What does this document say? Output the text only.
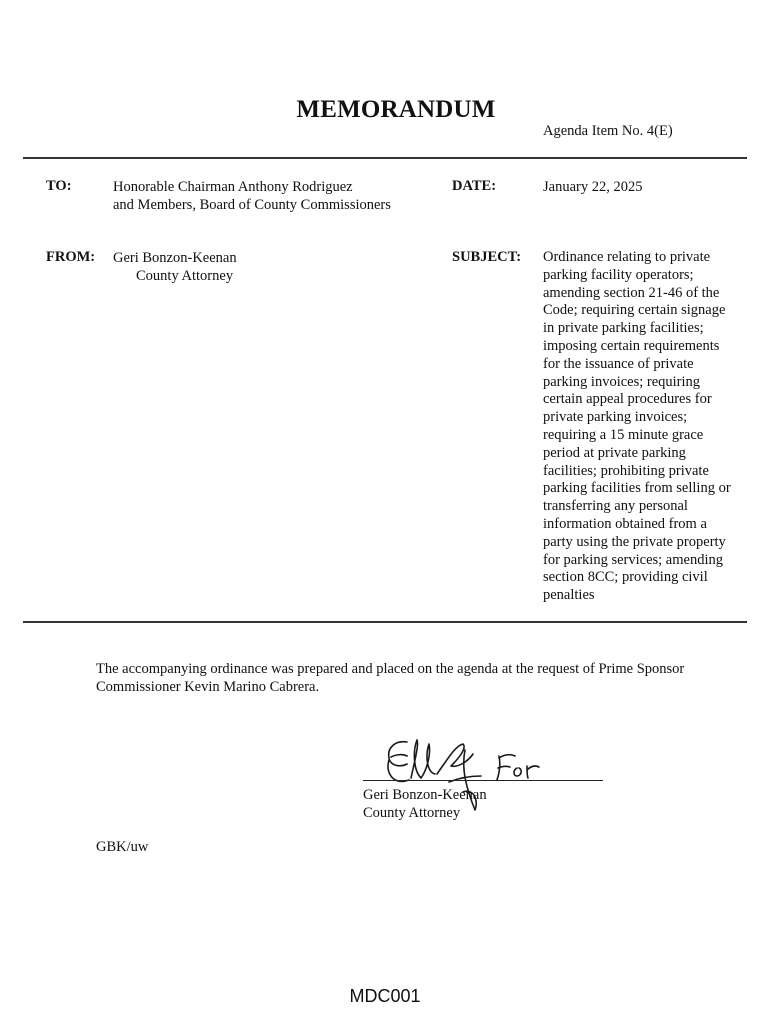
MEMORANDUM
Agenda Item No. 4(E)
TO:	Honorable Chairman Anthony Rodriguez
and Members, Board of County Commissioners
DATE:	January 22, 2025
FROM: Geri Bonzon-Keenan
County Attorney
SUBJECT: Ordinance relating to private
parking facility operators;
amending section 21-46 of the
Code; requiring certain signage
in private parking facilities;
imposing certain requirements
for the issuance of private
parking invoices; requiring
certain appeal procedures for
private parking invoices;
requiring a 15 minute grace
period at private parking
facilities; prohibiting private
parking facilities from selling or
transferring any personal
information obtained from a
party using the private property
for parking services; amending
section 8CC; providing civil
penalties
The accompanying ordinance was prepared and placed on the agenda at the request of Prime Sponsor
Commissioner Kevin Marino Cabrera.
Geri Bonzon-Keenan
County Attorney
GBK/uw
MDC001
